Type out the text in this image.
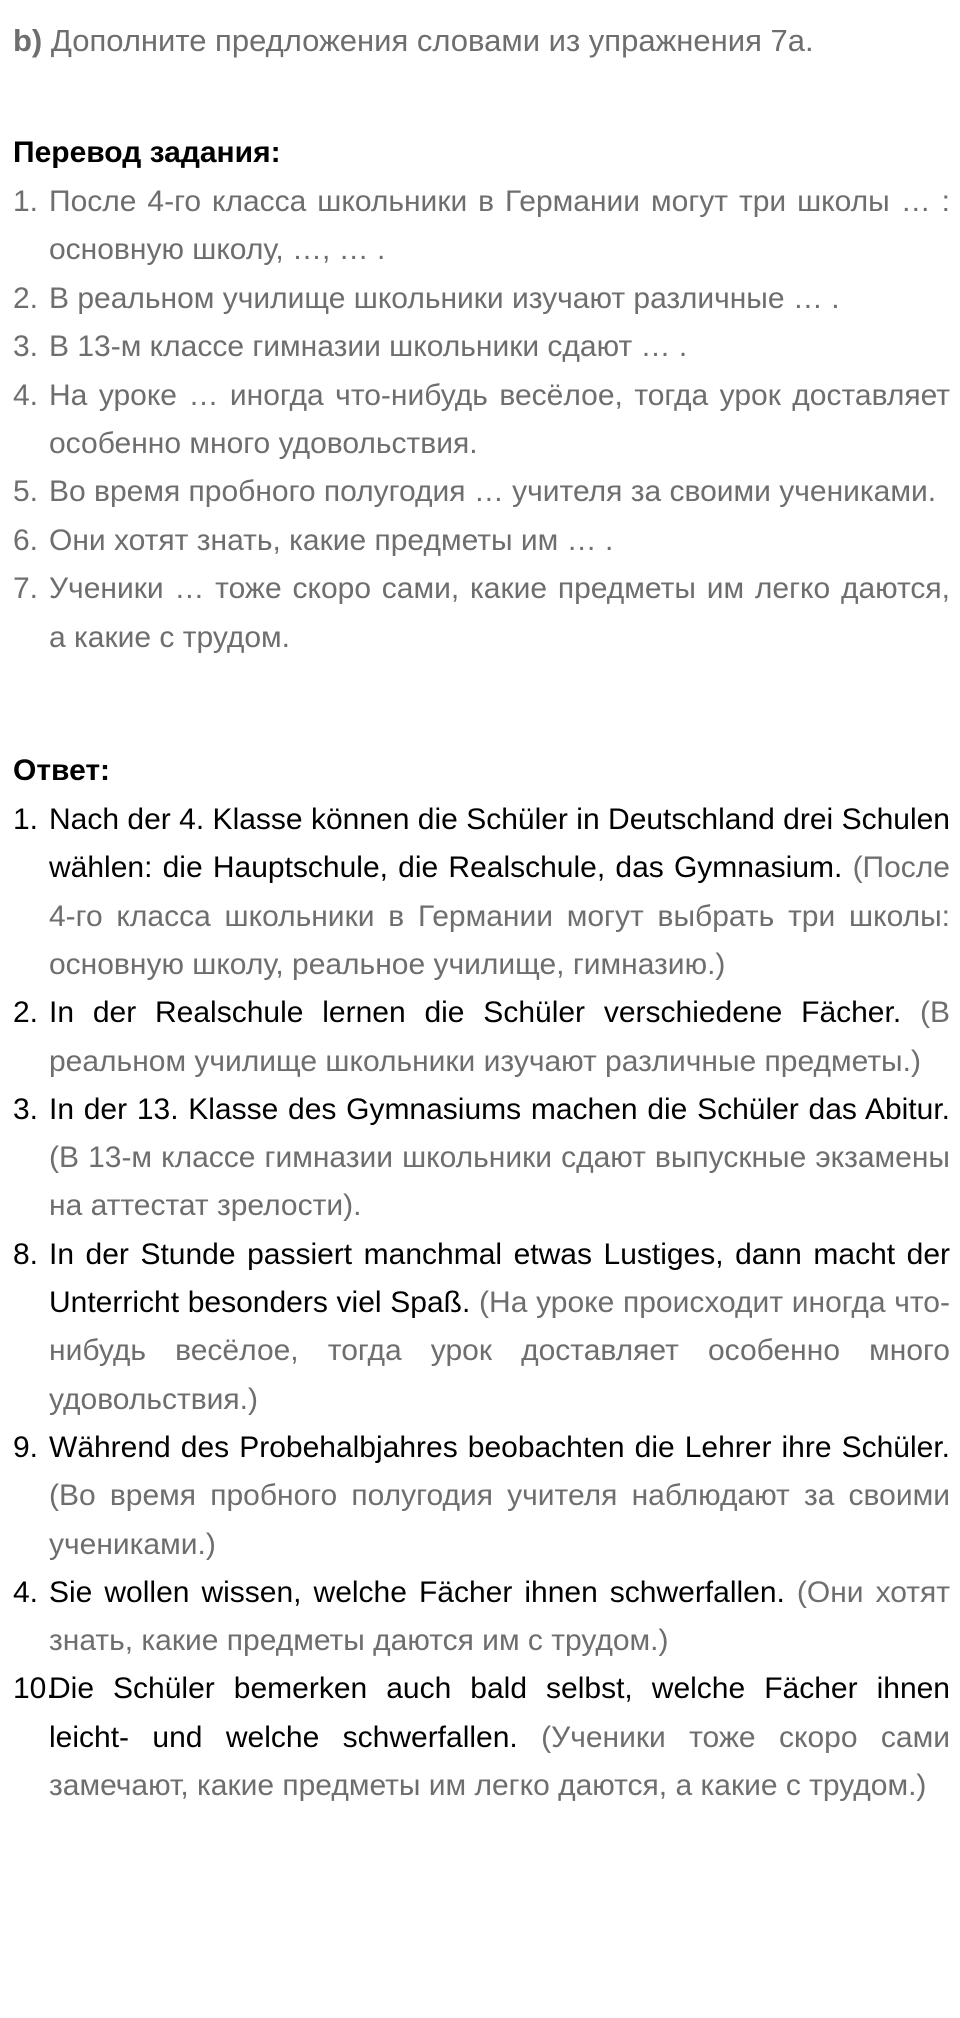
b) Дополните предложения словами из упражнения 7a.

Перевод задания:
1. После 4-го класса школьники в Германии могут три школы … : основную школу, …, … .
2. В реальном училище школьники изучают различные … .
3. В 13-м классе гимназии школьники сдают … .
4. На уроке … иногда что-нибудь весёлое, тогда урок доставляет особенно много удовольствия.
5. Во время пробного полугодия … учителя за своими учениками.
6. Они хотят знать, какие предметы им … .
7. Ученики … тоже скоро сами, какие предметы им легко даются, а какие с трудом.
Ответ:
1. Nach der 4. Klasse können die Schüler in Deutschland drei Schulen wählen: die Hauptschule, die Realschule, das Gymnasium. (После 4-го класса школьники в Германии могут выбрать три школы: основную школу, реальное училище, гимназию.)
2. In der Realschule lernen die Schüler verschiedene Fächer. (В реальном училище школьники изучают различные предметы.)
3. In der 13. Klasse des Gymnasiums machen die Schüler das Abitur. (В 13-м классе гимназии школьники сдают выпускные экзамены на аттестат зрелости).
8. In der Stunde passiert manchmal etwas Lustiges, dann macht der Unterricht besonders viel Spaß. (На уроке происходит иногда что-нибудь весёлое, тогда урок доставляет особенно много удовольствия.)
9. Während des Probehalbjahres beobachten die Lehrer ihre Schüler. (Во время пробного полугодия учителя наблюдают за своими учениками.)
4. Sie wollen wissen, welche Fächer ihnen schwerfallen. (Они хотят знать, какие предметы даются им с трудом.)
10.
Die Schüler bemerken auch bald selbst, welche Fächer ihnen leicht- und welche schwerfallen. (Ученики тоже скоро сами замечают, какие предметы им легко даются, а какие с трудом.)
